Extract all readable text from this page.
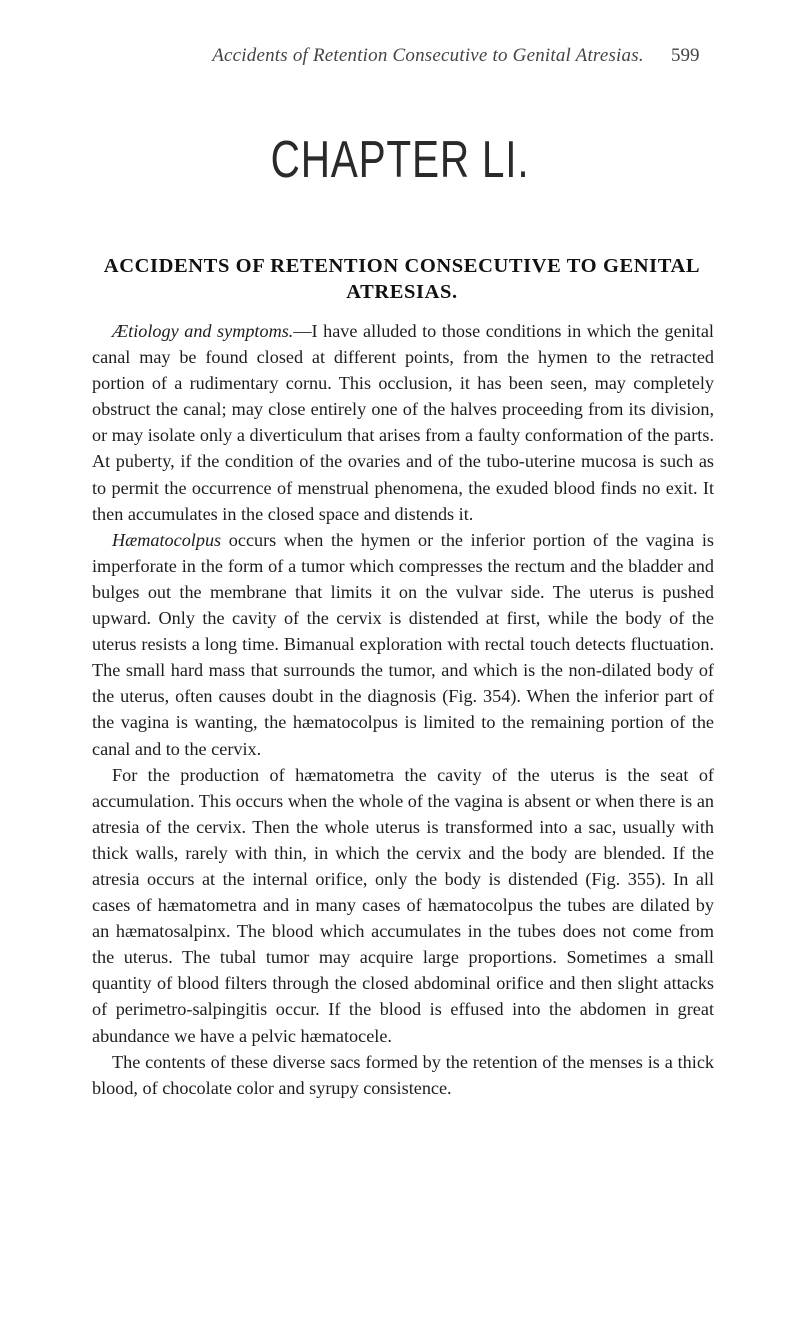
Accidents of Retention Consecutive to Genital Atresias. 599
CHAPTER LI.
ACCIDENTS OF RETENTION CONSECUTIVE TO GENITAL ATRESIAS.

Ætiology and symptoms.—I have alluded to those conditions in which the genital canal may be found closed at different points, from the hymen to the retracted portion of a rudimentary cornu. This occlusion, it has been seen, may completely obstruct the canal; may close entirely one of the halves proceeding from its division, or may isolate only a diverticulum that arises from a faulty conformation of the parts. At puberty, if the condition of the ovaries and of the tubo-uterine mucosa is such as to permit the occurrence of menstrual phenomena, the exuded blood finds no exit. It then accumulates in the closed space and distends it.

Hæmatocolpus occurs when the hymen or the inferior portion of the vagina is imperforate in the form of a tumor which compresses the rectum and the bladder and bulges out the membrane that limits it on the vulvar side. The uterus is pushed upward. Only the cavity of the cervix is distended at first, while the body of the uterus resists a long time. Bimanual exploration with rectal touch detects fluctuation. The small hard mass that surrounds the tumor, and which is the non-dilated body of the uterus, often causes doubt in the diagnosis (Fig. 354). When the inferior part of the vagina is wanting, the hæmatocolpus is limited to the remaining portion of the canal and to the cervix.

For the production of hæmatometra the cavity of the uterus is the seat of accumulation. This occurs when the whole of the vagina is absent or when there is an atresia of the cervix. Then the whole uterus is transformed into a sac, usually with thick walls, rarely with thin, in which the cervix and the body are blended. If the atresia occurs at the internal orifice, only the body is distended (Fig. 355). In all cases of hæmatometra and in many cases of hæmatocolpus the tubes are dilated by an hæmatosalpinx. The blood which accumulates in the tubes does not come from the uterus. The tubal tumor may acquire large proportions. Sometimes a small quantity of blood filters through the closed abdominal orifice and then slight attacks of perimetro-salpingitis occur. If the blood is effused into the abdomen in great abundance we have a pelvic hæmatocele.

The contents of these diverse sacs formed by the retention of the menses is a thick blood, of chocolate color and syrupy consistence.
